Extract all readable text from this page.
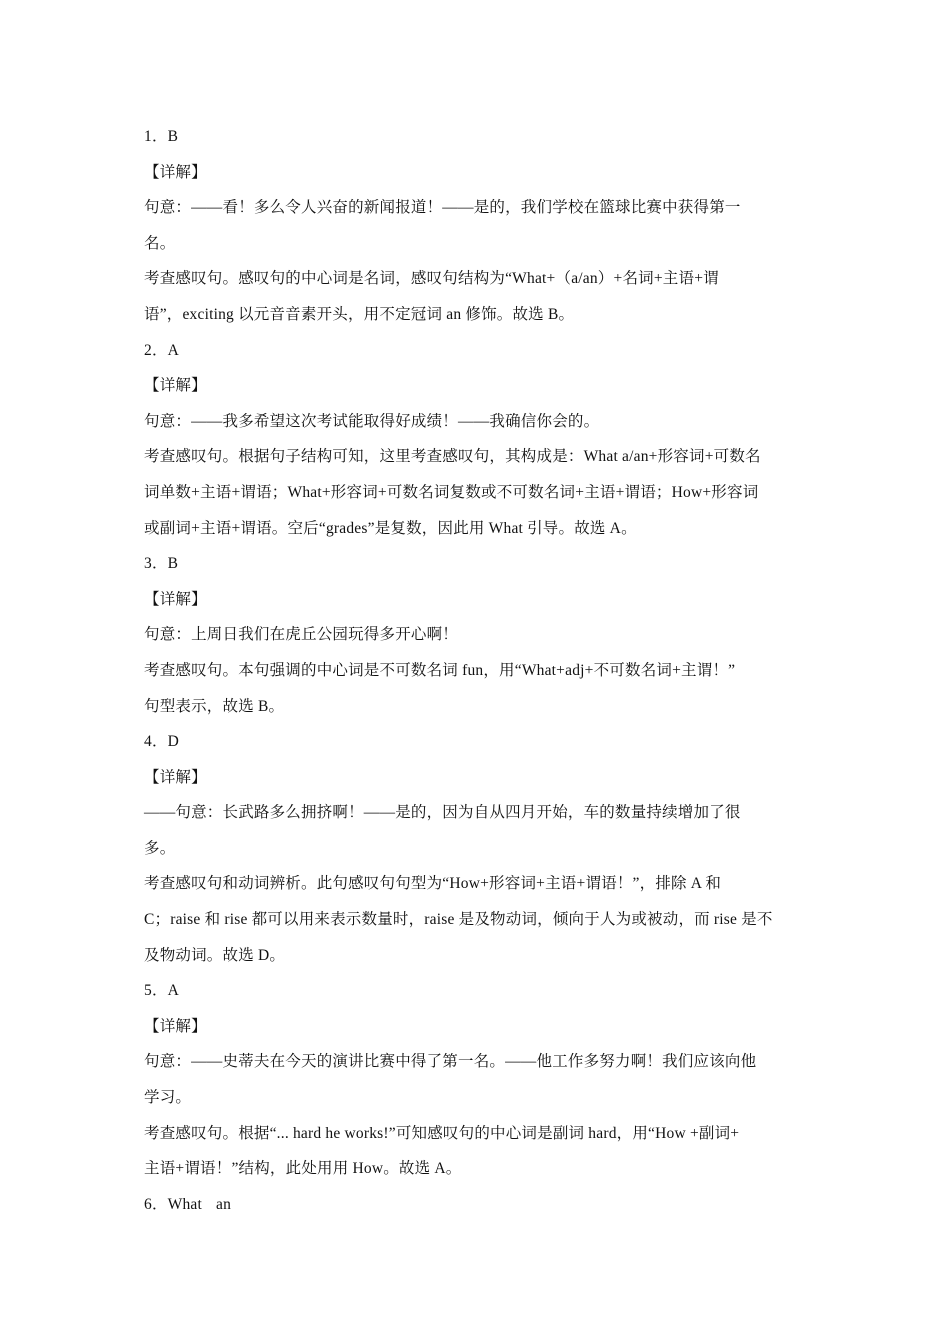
1．B
【详解】
句意：——看！多么令人兴奋的新闻报道！——是的，我们学校在篮球比赛中获得第一
名。
考查感叹句。感叹句的中心词是名词，感叹句结构为“What+（a/an）+名词+主语+谓
语”，exciting 以元音音素开头，用不定冠词 an 修饰。故选 B。
2．A
【详解】
句意：——我多希望这次考试能取得好成绩！——我确信你会的。
考查感叹句。根据句子结构可知，这里考查感叹句，其构成是：What a/an+形容词+可数名
词单数+主语+谓语；What+形容词+可数名词复数或不可数名词+主语+谓语；How+形容词
或副词+主语+谓语。空后“grades”是复数，因此用 What 引导。故选 A。
3．B
【详解】
句意：上周日我们在虎丘公园玩得多开心啊！
考查感叹句。本句强调的中心词是不可数名词 fun，用“What+adj+不可数名词+主谓！”
句型表示，故选 B。
4．D
【详解】
——句意：长武路多么拥挤啊！——是的，因为自从四月开始，车的数量持续增加了很
多。
考查感叹句和动词辨析。此句感叹句句型为“How+形容词+主语+谓语！”，排除 A 和
C；raise 和 rise 都可以用来表示数量时，raise 是及物动词，倾向于人为或被动，而 rise 是不
及物动词。故选 D。
5．A
【详解】
句意：——史蒂夫在今天的演讲比赛中得了第一名。——他工作多努力啊！我们应该向他
学习。
考查感叹句。根据“... hard he works!”可知感叹句的中心词是副词 hard，用“How +副词+
主语+谓语！”结构，此处用用 How。故选 A。
6．What an
